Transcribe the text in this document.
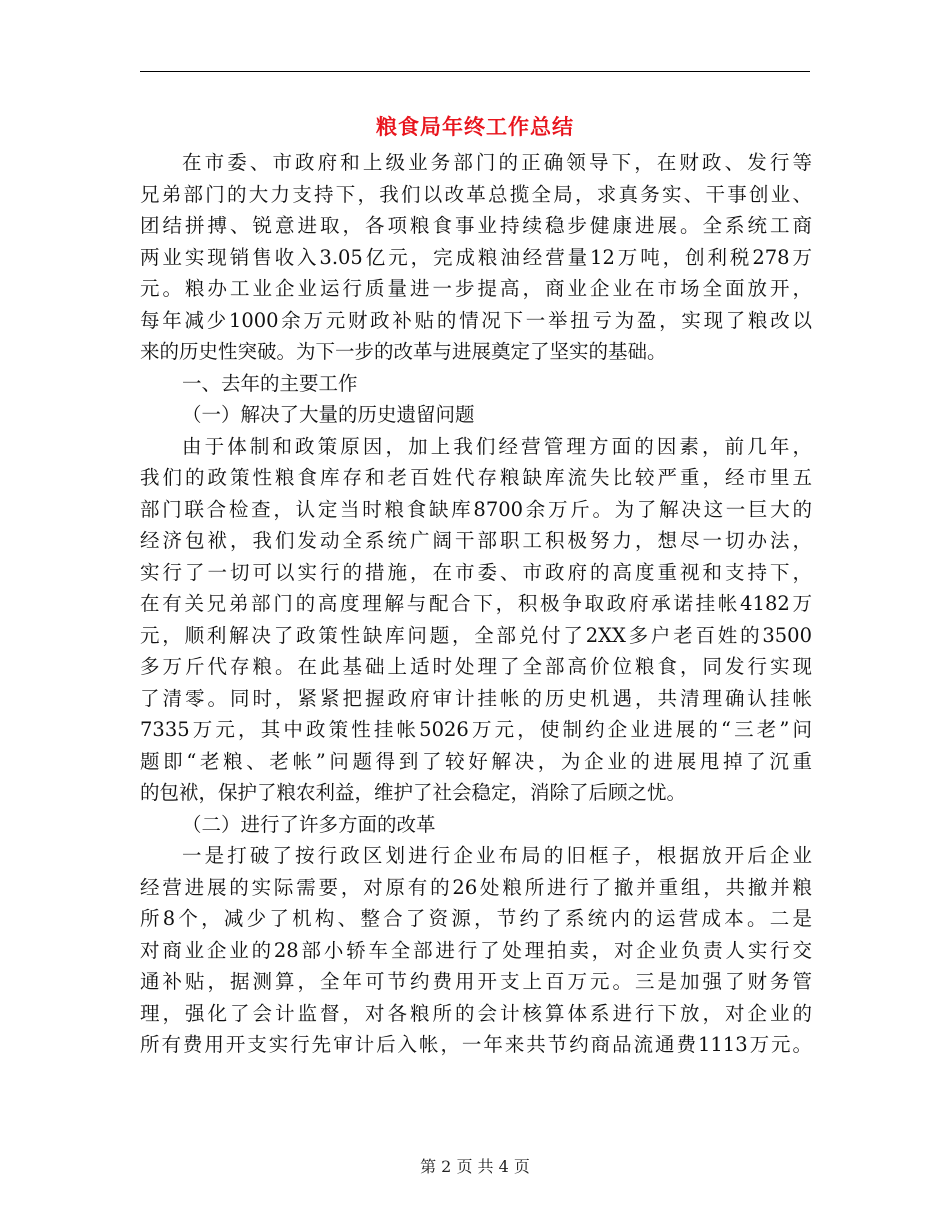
粮食局年终工作总结
在市委、市政府和上级业务部门的正确领导下，在财政、发行等
兄弟部门的大力支持下，我们以改革总揽全局，求真务实、干事创业、
团结拼搏、锐意进取，各项粮食事业持续稳步健康进展。全系统工商
两业实现销售收入3.05亿元，完成粮油经营量12万吨，创利税278万
元。粮办工业企业运行质量进一步提高，商业企业在市场全面放开，
每年减少1000余万元财政补贴的情况下一举扭亏为盈，实现了粮改以
来的历史性突破。为下一步的改革与进展奠定了坚实的基础。
一、去年的主要工作
（一）解决了大量的历史遗留问题
由于体制和政策原因，加上我们经营管理方面的因素，前几年，
我们的政策性粮食库存和老百姓代存粮缺库流失比较严重，经市里五
部门联合检查，认定当时粮食缺库8700余万斤。为了解决这一巨大的
经济包袱，我们发动全系统广阔干部职工积极努力，想尽一切办法，
实行了一切可以实行的措施，在市委、市政府的高度重视和支持下，
在有关兄弟部门的高度理解与配合下，积极争取政府承诺挂帐4182万
元，顺利解决了政策性缺库问题，全部兑付了2XX多户老百姓的3500
多万斤代存粮。在此基础上适时处理了全部高价位粮食，同发行实现
了清零。同时，紧紧把握政府审计挂帐的历史机遇，共清理确认挂帐
7335万元，其中政策性挂帐5026万元，使制约企业进展的“三老”问
题即“老粮、老帐”问题得到了较好解决，为企业的进展甩掉了沉重
的包袱，保护了粮农利益，维护了社会稳定，消除了后顾之忧。
（二）进行了许多方面的改革
一是打破了按行政区划进行企业布局的旧框子，根据放开后企业
经营进展的实际需要，对原有的26处粮所进行了撤并重组，共撤并粮
所8个，减少了机构、整合了资源，节约了系统内的运营成本。二是
对商业企业的28部小轿车全部进行了处理拍卖，对企业负责人实行交
通补贴，据测算，全年可节约费用开支上百万元。三是加强了财务管
理，强化了会计监督，对各粮所的会计核算体系进行下放，对企业的
所有费用开支实行先审计后入帐，一年来共节约商品流通费1113万元。
第 2 页 共 4 页
